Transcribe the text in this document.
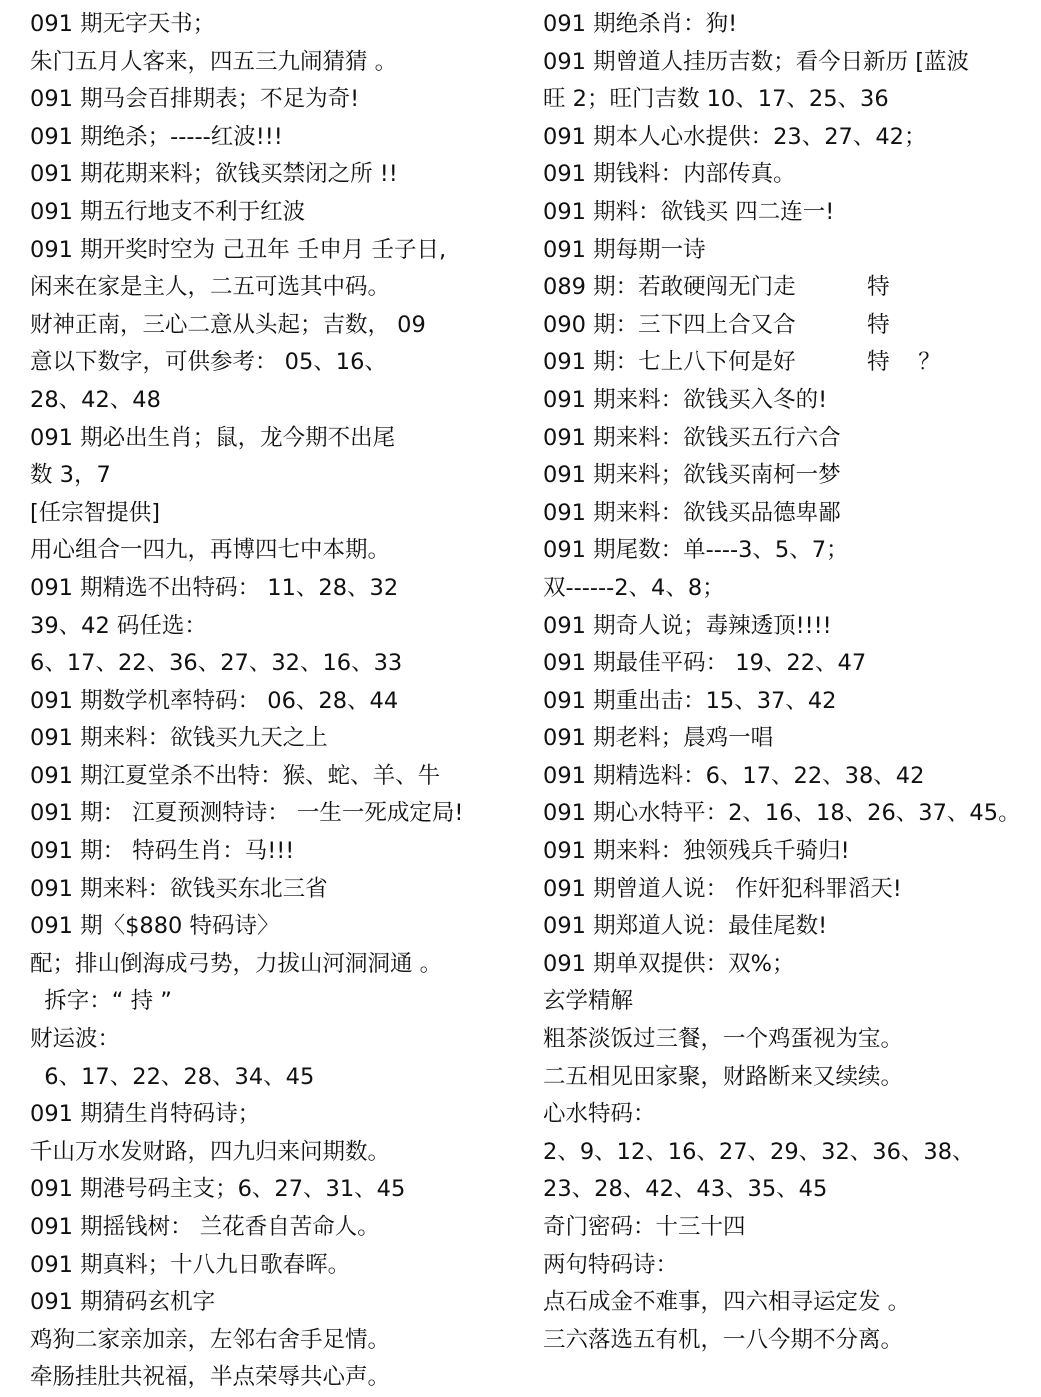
091 期无字天书；
朱门五月人客来，四五三九闹猜猜 。
091 期马会百排期表；不足为奇!
091 期绝杀；-----红波!!!
091 期花期来料；欲钱买禁闭之所 !!
091 期五行地支不利于红波
091 期开奖时空为 己丑年 壬申月 壬子日,
闲来在家是主人，二五可选其中码。
财神正南，三心二意从头起；吉数， 09
意以下数字，可供参考： 05、16、
28、42、48
091 期必出生肖；鼠，龙今期不出尾
数 3，7
[任宗智提供]
用心组合一四九，再博四七中本期。
091 期精选不出特码： 11、28、32
39、42 码任选：
6、17、22、36、27、32、16、33
091 期数学机率特码： 06、28、44
091 期来料：欲钱买九天之上
091 期江夏堂杀不出特：猴、蛇、羊、牛
091 期： 江夏预测特诗： 一生一死成定局!
091 期： 特码生肖：马!!!
091 期来料：欲钱买东北三省
091 期〈$880 特码诗〉
配；排山倒海成弓势，力拔山河洞洞通 。
拆字：“ 持 ”
财运波：
6、17、22、28、34、45
091 期猜生肖特码诗；
千山万水发财路，四九归来问期数。
091 期港号码主支；6、27、31、45
091 期摇钱树： 兰花香自苦命人。
091 期真料；十八九日歌春晖。
091 期猜码玄机字
鸡狗二家亲加亲，左邻右舍手足情。
牵肠挂肚共祝福，半点荣辱共心声。
091 期绝杀肖：狗!
091 期曾道人挂历吉数；看今日新历 [蓝波
旺 2；旺门吉数 10、17、25、36
091 期本人心水提供：23、27、42；
091 期钱料：内部传真。
091 期料：欲钱买 四二连一!
091 期每期一诗
089 期：若敢硬闯无门走          特
090 期：三下四上合又合          特
091 期：七上八下何是好          特    ？
091 期来料：欲钱买入冬的!
091 期来料：欲钱买五行六合
091 期来料；欲钱买南柯一梦
091 期来料：欲钱买品德卑鄙
091 期尾数：单----3、5、7；
双------2、4、8；
091 期奇人说；毒辣透顶!!!!
091 期最佳平码： 19、22、47
091 期重出击：15、37、42
091 期老料；晨鸡一唱
091 期精选料：6、17、22、38、42
091 期心水特平：2、16、18、26、37、45。
091 期来料：独领残兵千骑归!
091 期曾道人说： 作奸犯科罪滔天!
091 期郑道人说：最佳尾数!
091 期单双提供：双%；
玄学精解
粗茶淡饭过三餐，一个鸡蛋视为宝。
二五相见田家聚，财路断来又续续。
心水特码：
2、9、12、16、27、29、32、36、38、
23、28、42、43、35、45
奇门密码：十三十四
两句特码诗：
点石成金不难事，四六相寻运定发 。
三六落选五有机，一八今期不分离。
